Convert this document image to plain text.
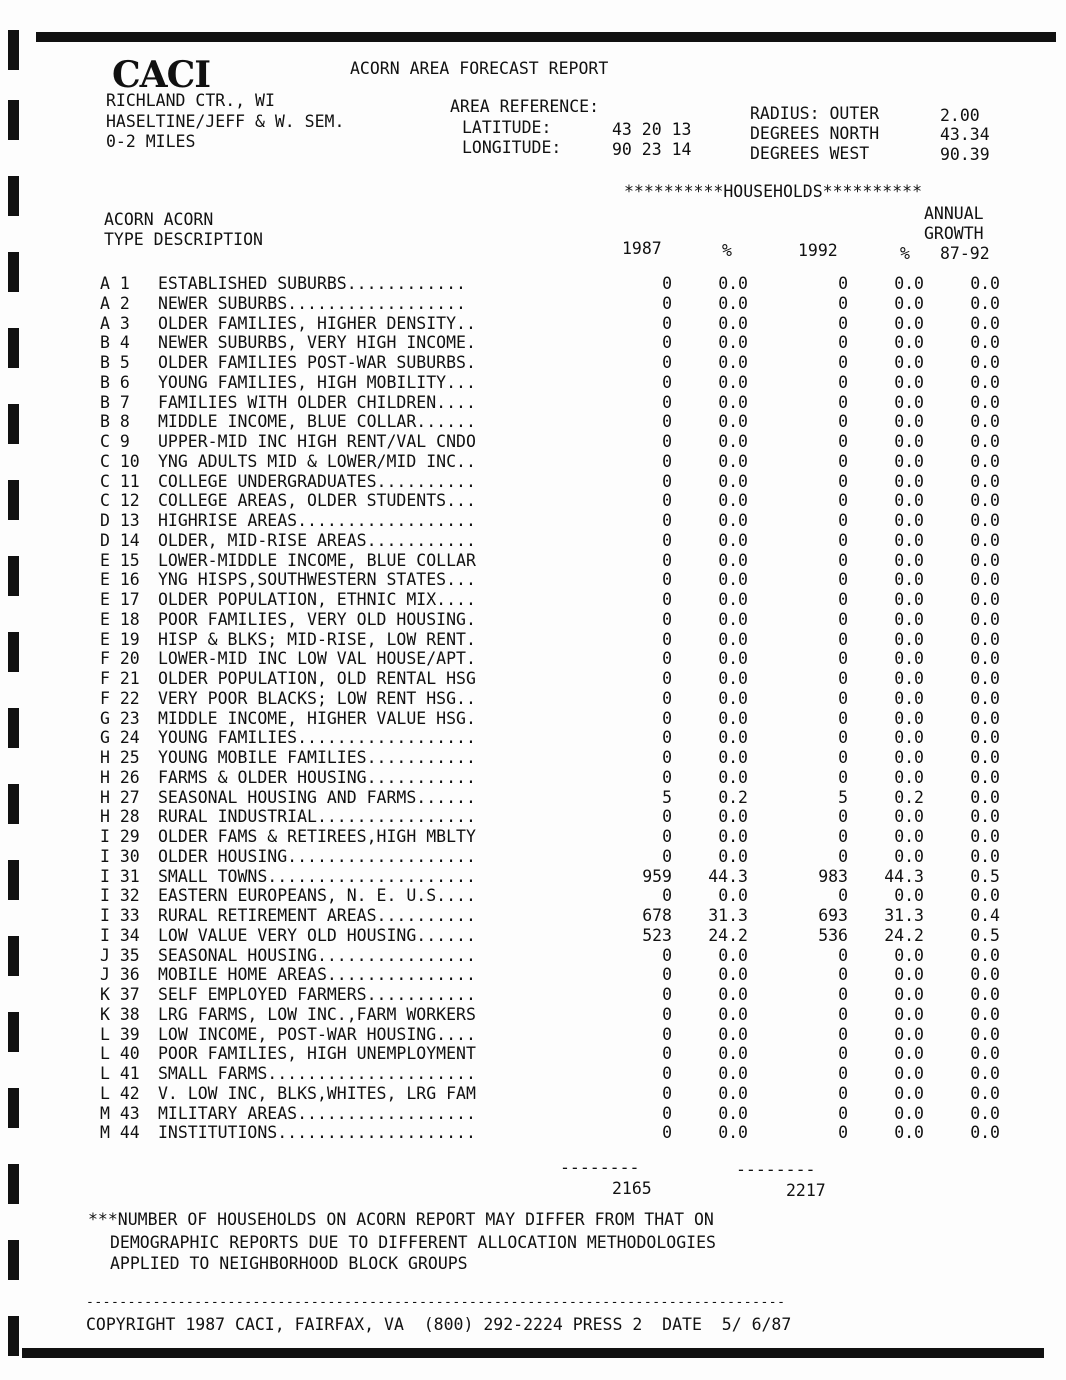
CACI	ACORN AREA FORECAST REPORT
RICHLAND CTR., WI
HASELTINE/JEFF & W. SEM.
0-2 MILES
AREA REFERENCE:
LATITUDE:	43 20 13
LONGITUDE:	90 23 14
RADIUS: OUTER	2.00
DEGREES NORTH	43.34
DEGREES WEST	90.39
**********HOUSEHOLDS**********
ACORN ACORN
TYPE DESCRIPTION
ANNUAL
GROWTH
1987	%	1992	% 87-92
A 1	ESTABLISHED SUBURBS............	0	0.0	0	0.0	0.0
A 2	NEWER SUBURBS..................	0	0.0	0	0.0	0.0
A 3	OLDER FAMILIES, HIGHER DENSITY..	0	0.0	0	0.0	0.0
B 4	NEWER SUBURBS, VERY HIGH INCOME.	0	0.0	0	0.0	0.0
B 5	OLDER FAMILIES POST-WAR SUBURBS.	0	0.0	0	0.0	0.0
B 6	YOUNG FAMILIES, HIGH MOBILITY...	0	0.0	0	0.0	0.0
B 7	FAMILIES WITH OLDER CHILDREN....	0	0.0	0	0.0	0.0
B 8	MIDDLE INCOME, BLUE COLLAR......	0	0.0	0	0.0	0.0
C 9	UPPER-MID INC HIGH RENT/VAL CNDO	0	0.0	0	0.0	0.0
C 10	YNG ADULTS MID & LOWER/MID INC..	0	0.0	0	0.0	0.0
C 11	COLLEGE UNDERGRADUATES..........	0	0.0	0	0.0	0.0
C 12	COLLEGE AREAS, OLDER STUDENTS...	0	0.0	0	0.0	0.0
D 13	HIGHRISE AREAS..................	0	0.0	0	0.0	0.0
D 14	OLDER, MID-RISE AREAS...........	0	0.0	0	0.0	0.0
E 15	LOWER-MIDDLE INCOME, BLUE COLLAR	0	0.0	0	0.0	0.0
E 16	YNG HISPS,SOUTHWESTERN STATES...	0	0.0	0	0.0	0.0
E 17	OLDER POPULATION, ETHNIC MIX....	0	0.0	0	0.0	0.0
E 18	POOR FAMILIES, VERY OLD HOUSING.	0	0.0	0	0.0	0.0
E 19	HISP & BLKS; MID-RISE, LOW RENT.	0	0.0	0	0.0	0.0
F 20	LOWER-MID INC LOW VAL HOUSE/APT.	0	0.0	0	0.0	0.0
F 21	OLDER POPULATION, OLD RENTAL HSG	0	0.0	0	0.0	0.0
F 22	VERY POOR BLACKS; LOW RENT HSG..	0	0.0	0	0.0	0.0
G 23	MIDDLE INCOME, HIGHER VALUE HSG.	0	0.0	0	0.0	0.0
G 24	YOUNG FAMILIES..................	0	0.0	0	0.0	0.0
H 25	YOUNG MOBILE FAMILIES...........	0	0.0	0	0.0	0.0
H 26	FARMS & OLDER HOUSING...........	0	0.0	0	0.0	0.0
H 27	SEASONAL HOUSING AND FARMS......	5	0.2	5	0.2	0.0
H 28	RURAL INDUSTRIAL................	0	0.0	0	0.0	0.0
I 29	OLDER FAMS & RETIREES,HIGH MBLTY	0	0.0	0	0.0	0.0
I 30	OLDER HOUSING...................	0	0.0	0	0.0	0.0
I 31	SMALL TOWNS.....................	959 44.3	983 44.3	0.5
I 32	EASTERN EUROPEANS, N. E. U.S....	0	0.0	0	0.0	0.0
I 33	RURAL RETIREMENT AREAS..........	678 31.3	693 31.3	0.4
I 34	LOW VALUE VERY OLD HOUSING......	523 24.2	536 24.2	0.5
J 35	SEASONAL HOUSING................	0	0.0	0	0.0	0.0
J 36	MOBILE HOME AREAS...............	0	0.0	0	0.0	0.0
K 37	SELF EMPLOYED FARMERS...........	0	0.0	0	0.0	0.0
K 38	LRG FARMS, LOW INC.,FARM WORKERS	0	0.0	0	0.0	0.0
L 39	LOW INCOME, POST-WAR HOUSING....	0	0.0	0	0.0	0.0
L 40	POOR FAMILIES, HIGH UNEMPLOYMENT	0	0.0	0	0.0	0.0
L 41	SMALL FARMS.....................	0	0.0	0	0.0	0.0
L 42	V. LOW INC, BLKS,WHITES, LRG FAM	0	0.0	0	0.0	0.0
M 43	MILITARY AREAS..................	0	0.0	0	0.0	0.0
M 44	INSTITUTIONS....................	0	0.0	0	0.0	0.0
--------	--------
2165	2217
***NUMBER OF HOUSEHOLDS ON ACORN REPORT MAY DIFFER FROM THAT ON
DEMOGRAPHIC REPORTS DUE TO DIFFERENT ALLOCATION METHODOLOGIES
APPLIED TO NEIGHBORHOOD BLOCK GROUPS
------------------------------------------------------------------------------------
COPYRIGHT 1987 CACI, FAIRFAX, VA  (800) 292-2224 PRESS 2  DATE  5/ 6/87
